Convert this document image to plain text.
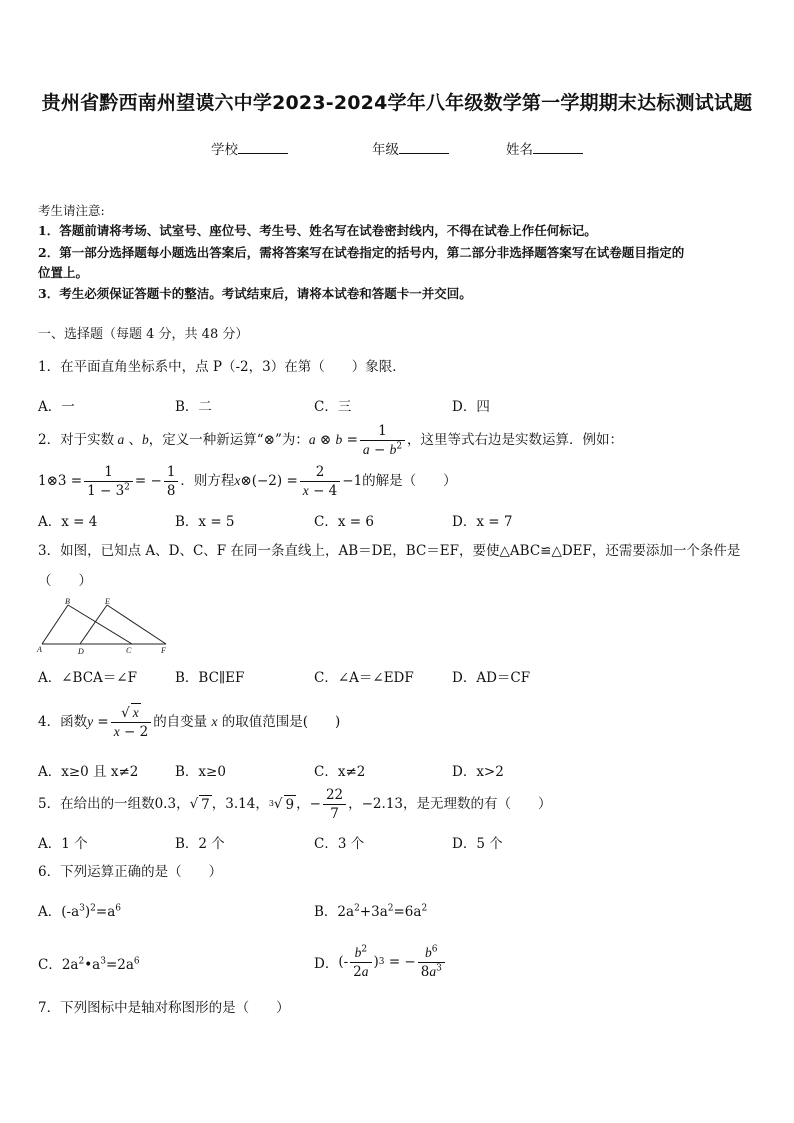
贵州省黔西南州望谟六中学2023-2024学年八年级数学第一学期期末达标测试试题
学校	年级	姓名
考生请注意:
1．答题前请将考场、试室号、座位号、考生号、姓名写在试卷密封线内，不得在试卷上作任何标记。
2．第一部分选择题每小题选出答案后，需将答案写在试卷指定的括号内，第二部分非选择题答案写在试卷题目指定的
位置上。
3．考生必须保证答题卡的整洁。考试结束后，请将本试卷和答题卡一并交回。
一、选择题（每题 4 分，共 48 分）
1．在平面直角坐标系中，点 P（-2，3）在第（　　）象限．
A．一	B．二	C．三	D．四
2．对于实数 a 、 b ，定义一种新运算“⊗”为： a ⊗ $b = \frac{1}{a - b^2}$ ，这里等式右边是实数运算．例如：
1⊗3 = $\frac{1}{1 - 3^2}$ = − $\frac{1}{8}$ ．则方程 x ⊗(−2) = $\frac{2}{x - 4} -1$ 的解是（　　）
A．x = 4	B．x = 5	C．x = 6	D．x = 7
3．如图，已知点 A、D、C、F 在同一条直线上，AB＝DE，BC＝EF，要使△ABC≌△DEF，还需要添加一个条件是
（　　）
A
B
C
D
E
F
A．∠BCA＝∠F	B．BC∥EF	C．∠A＝∠EDF	D．AD＝CF
4．函数 $y = \frac{√ x}{x - 2}$ 的自变量
x
的取值范围是(　　)
A．x≥0 且 x≠2	B．x≥0	C．x≠2	D．x>2
5．在给出的一组数 0.3，√ 7 ，3.14， 3 √ 9 ，− $\frac{22}{7}$ ，−2.13 ，是无理数的有（　　）
A．1 个	B．2 个	C．3 个	D．5 个
6．下列运算正确的是（　　）
A．$(-a^3)^2=a^6$	B．$2a^2+3a^2=6a^2$
C．$2a^2•a^3=2a^6$	D． (- $\frac{b^2}{2a}$ ) 3 = − $\frac{b^6}{8a^3}$
7．下列图标中是轴对称图形的是（　　）
